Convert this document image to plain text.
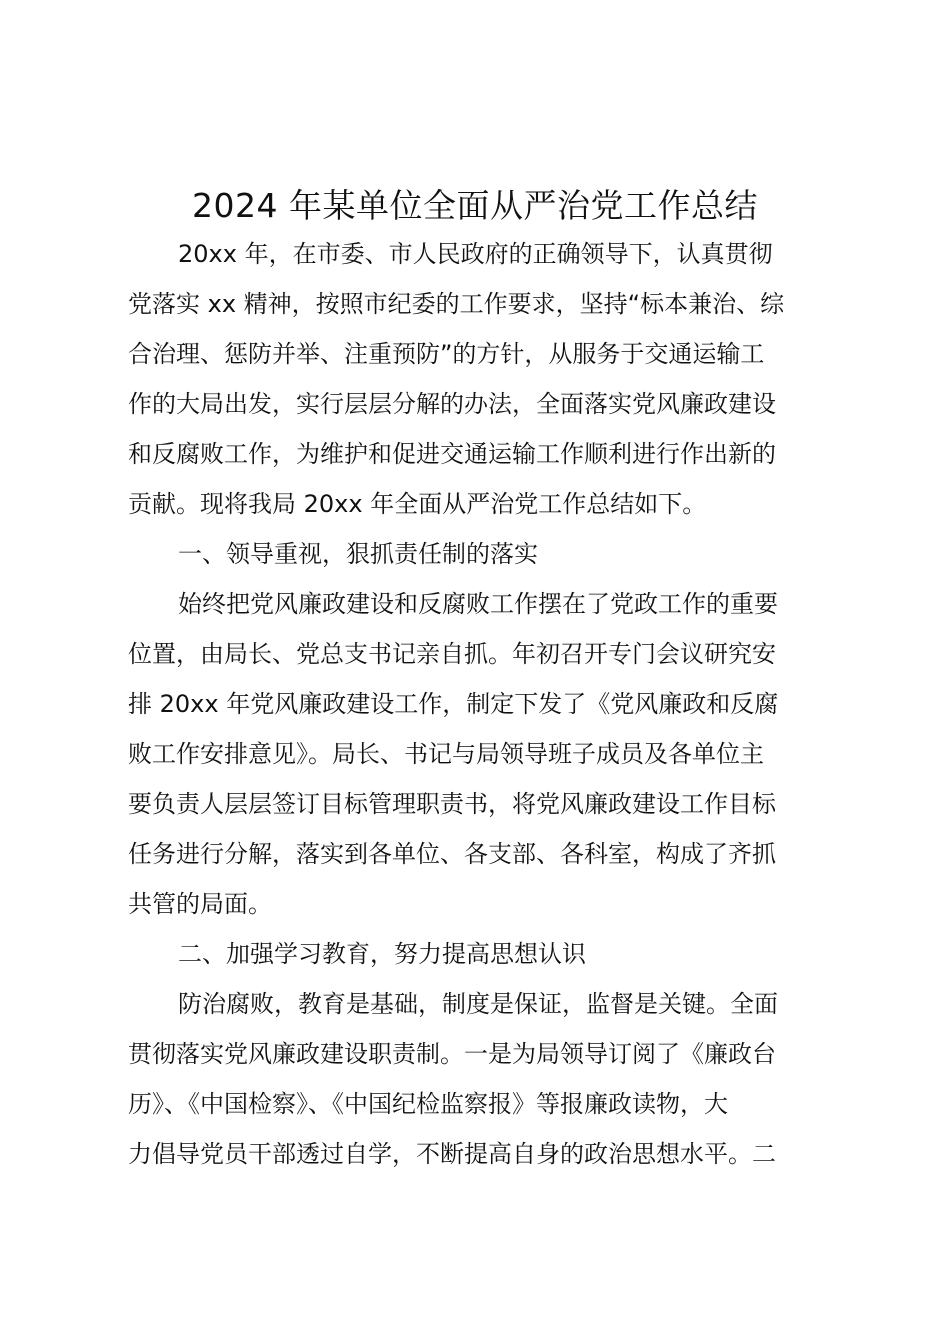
2024 年某单位全面从严治党工作总结

20xx 年，在市委、市人民政府的正确领导下，认真贯彻

党落实 xx 精神，按照市纪委的工作要求，坚持“标本兼治、综

合治理、惩防并举、注重预防”的方针，从服务于交通运输工

作的大局出发，实行层层分解的办法，全面落实党风廉政建设

和反腐败工作，为维护和促进交通运输工作顺利进行作出新的

贡献。现将我局 20xx 年全面从严治党工作总结如下。

一、领导重视，狠抓责任制的落实

始终把党风廉政建设和反腐败工作摆在了党政工作的重要

位置，由局长、党总支书记亲自抓。年初召开专门会议研究安

排 20xx 年党风廉政建设工作，制定下发了《党风廉政和反腐

败工作安排意见》。局长、书记与局领导班子成员及各单位主

要负责人层层签订目标管理职责书，将党风廉政建设工作目标

任务进行分解，落实到各单位、各支部、各科室，构成了齐抓

共管的局面。

二、加强学习教育，努力提高思想认识

防治腐败，教育是基础，制度是保证，监督是关键。全面

贯彻落实党风廉政建设职责制。一是为局领导订阅了《廉政台

历》、《中国检察》、《中国纪检监察报》等报廉政读物，大

力倡导党员干部透过自学，不断提高自身的政治思想水平。二
